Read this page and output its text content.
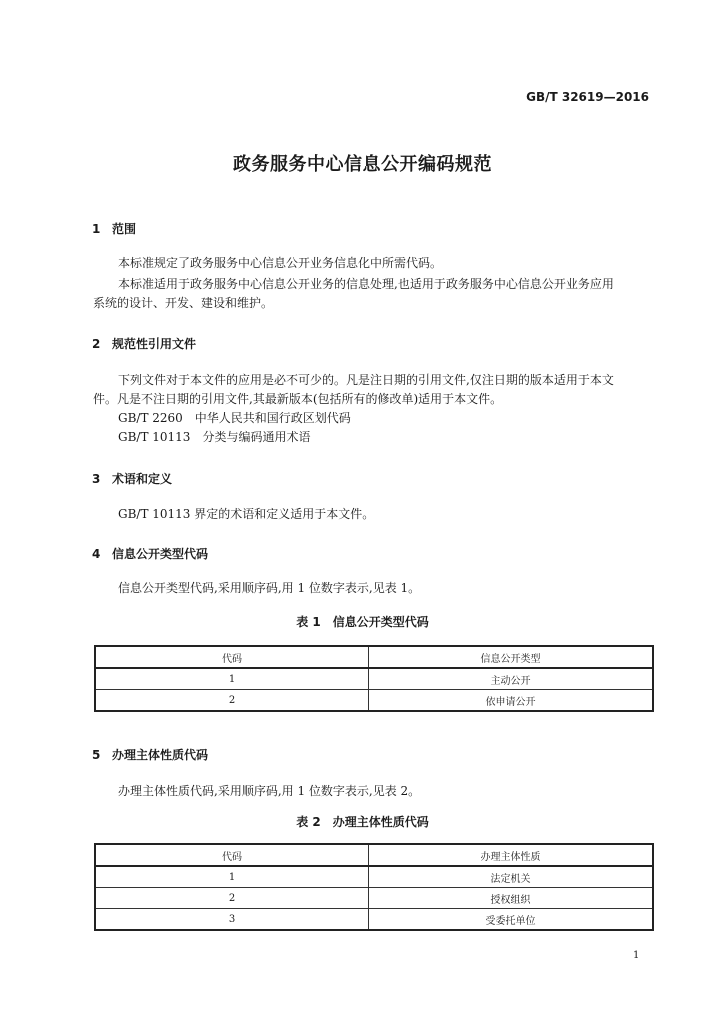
GB/T 32619—2016
政务服务中心信息公开编码规范
1 范围
本标准规定了政务服务中心信息公开业务信息化中所需代码。
本标准适用于政务服务中心信息公开业务的信息处理,也适用于政务服务中心信息公开业务应用
系统的设计、开发、建设和维护。
2 规范性引用文件
下列文件对于本文件的应用是必不可少的。凡是注日期的引用文件,仅注日期的版本适用于本文
件。凡是不注日期的引用文件,其最新版本(包括所有的修改单)适用于本文件。
GB/T 2260　中华人民共和国行政区划代码
GB/T 10113　分类与编码通用术语
3 术语和定义
GB/T 10113 界定的术语和定义适用于本文件。
4 信息公开类型代码
信息公开类型代码,采用顺序码,用 1 位数字表示,见表 1。
表 1　信息公开类型代码
代码	信息公开类型
1	主动公开
2	依申请公开
5 办理主体性质代码
办理主体性质代码,采用顺序码,用 1 位数字表示,见表 2。
表 2　办理主体性质代码
代码	办理主体性质
1	法定机关
2	授权组织
3	受委托单位
1
